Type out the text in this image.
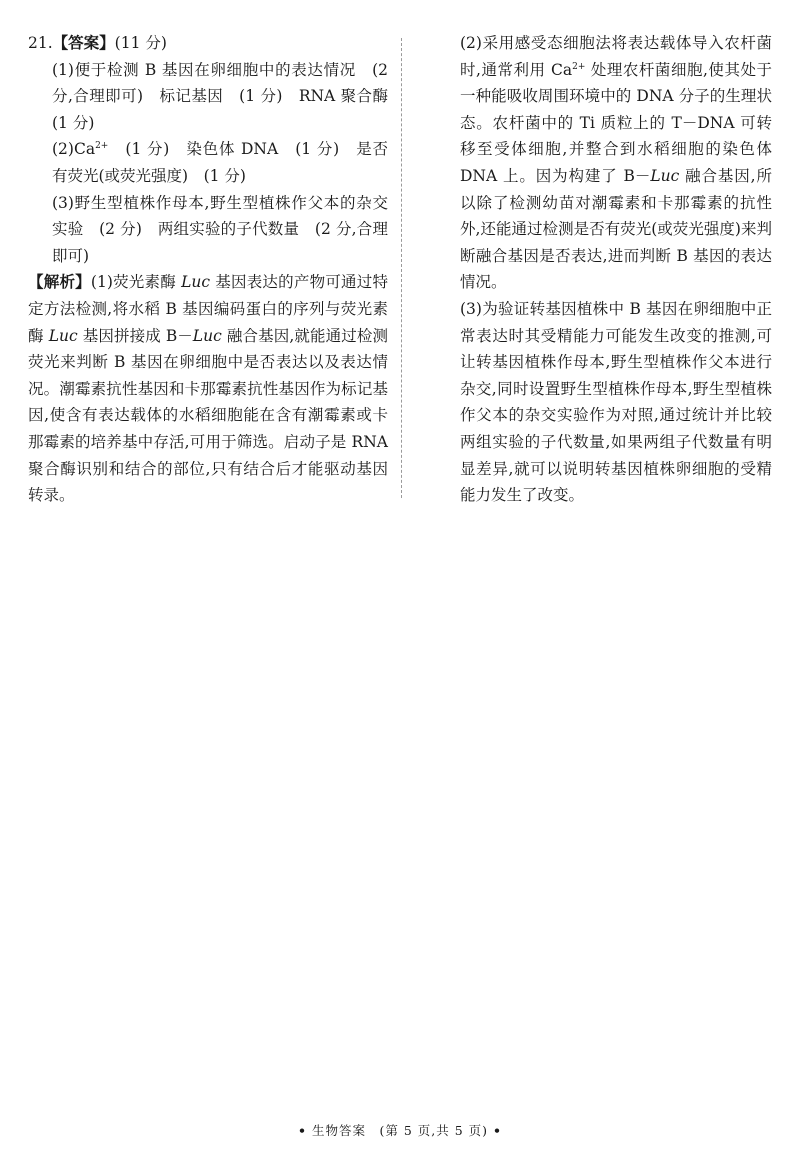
21.【答案】(11 分)

(1)便于检测 B 基因在卵细胞中的表达情况　(2 分,合理即可)　标记基因　(1 分)　RNA 聚合酶　(1 分)

$(2)Ca^{2+}$　(1 分)　染色体 DNA　(1 分)　是否有荧光(或荧光强度)　(1 分)

(3)野生型植株作母本,野生型植株作父本的杂交实验　(2 分)　两组实验的子代数量　(2 分,合理即可)

【解析】(1)荧光素酶 Luc 基因表达的产物可通过特定方法检测,将水稻 B 基因编码蛋白的序列与荧光素酶 Luc 基因拼接成 B－Luc 融合基因,就能通过检测荧光来判断 B 基因在卵细胞中是否表达以及表达情况。潮霉素抗性基因和卡那霉素抗性基因作为标记基因,使含有表达载体的水稻细胞能在含有潮霉素或卡那霉素的培养基中存活,可用于筛选。启动子是 RNA 聚合酶识别和结合的部位,只有结合后才能驱动基因转录。

(2)采用感受态细胞法将表达载体导入农杆菌时,通常利用 $Ca^{2+}$ 处理农杆菌细胞,使其处于一种能吸收周围环境中的 DNA 分子的生理状态。农杆菌中的 Ti 质粒上的 T－DNA 可转移至受体细胞,并整合到水稻细胞的染色体 DNA 上。因为构建了 B－Luc 融合基因,所以除了检测幼苗对潮霉素和卡那霉素的抗性外,还能通过检测是否有荧光(或荧光强度)来判断融合基因是否表达,进而判断 B 基因的表达情况。

(3)为验证转基因植株中 B 基因在卵细胞中正常表达时其受精能力可能发生改变的推测,可让转基因植株作母本,野生型植株作父本进行杂交,同时设置野生型植株作母本,野生型植株作父本的杂交实验作为对照,通过统计并比较两组实验的子代数量,如果两组子代数量有明显差异,就可以说明转基因植株卵细胞的受精能力发生了改变。

• 生物答案　(第 5 页,共 5 页) •
